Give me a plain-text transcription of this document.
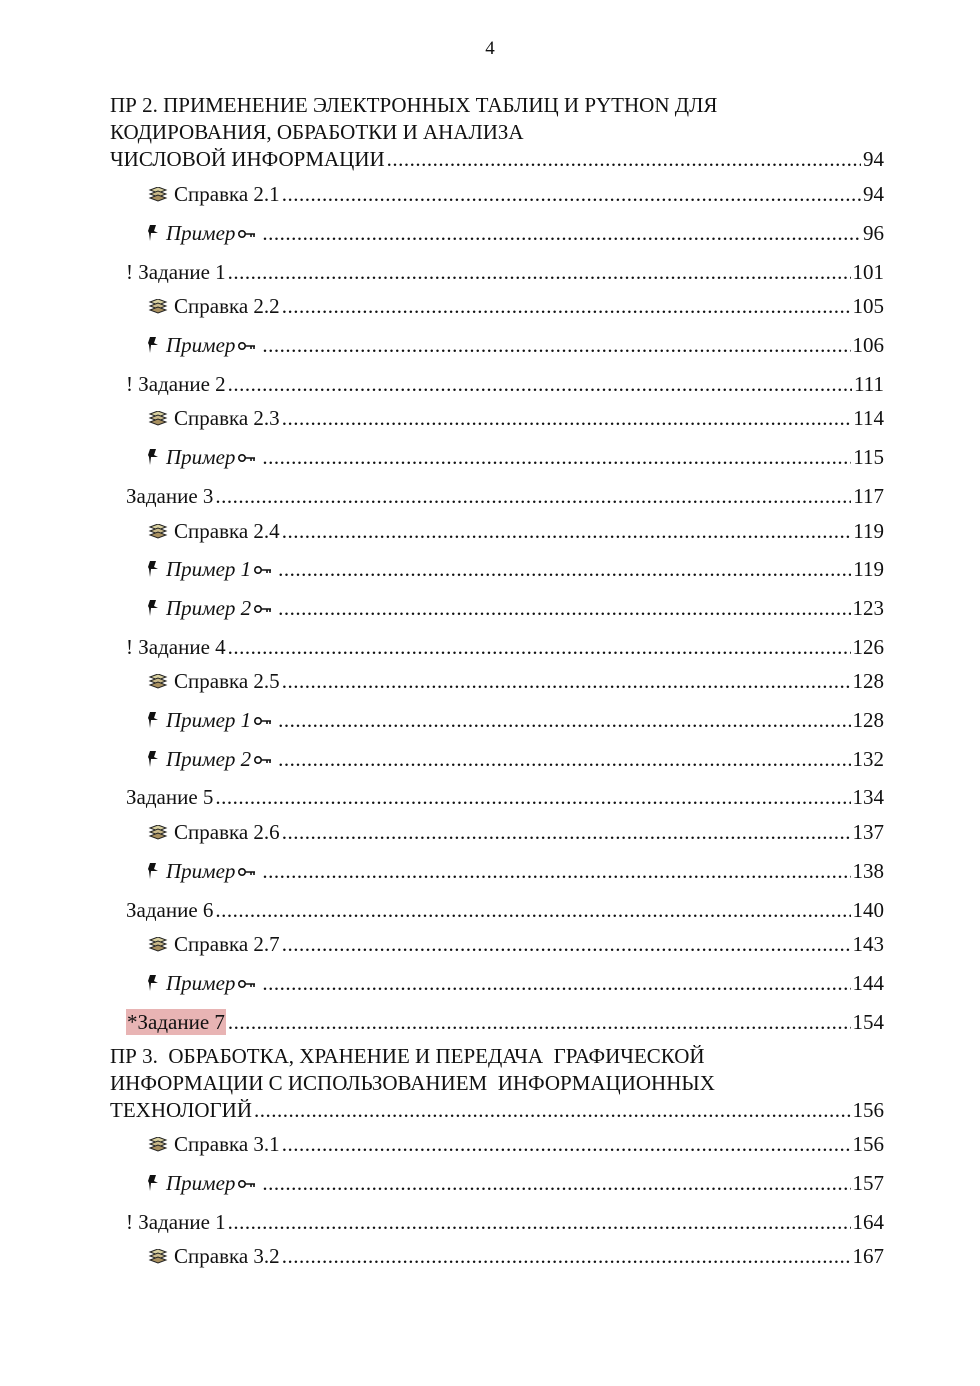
4
ПР 2. ПРИМЕНЕНИЕ ЭЛЕКТРОННЫХ ТАБЛИЦ И PYTHON ДЛЯ
КОДИРОВАНИЯ, ОБРАБОТКИ И АНАЛИЗА
ЧИСЛОВОЙ ИНФОРМАЦИИ .....	94
Справка 2.1 .....	94
Пример .....	96
! Задание 1 .....	101
Справка 2.2 .....	105
Пример .....	106
! Задание 2 .....	111
Справка 2.3 .....	114
Пример .....	115
Задание 3 .....	117
Справка 2.4 .....	119
Пример 1 .....	119
Пример 2 .....	123
! Задание 4 .....	126
Справка 2.5 .....	128
Пример 1 .....	128
Пример 2 .....	132
Задание 5 .....	134
Справка 2.6 .....	137
Пример .....	138
Задание 6 .....	140
Справка 2.7 .....	143
Пример .....	144
*Задание 7 .....	154
ПР 3.  ОБРАБОТКА, ХРАНЕНИЕ И ПЕРЕДАЧА  ГРАФИЧЕСКОЙ
ИНФОРМАЦИИ С ИСПОЛЬЗОВАНИЕМ  ИНФОРМАЦИОННЫХ
ТЕХНОЛОГИЙ .....	156
Справка 3.1 .....	156
Пример .....	157
! Задание 1 .....	164
Справка 3.2 .....	167
